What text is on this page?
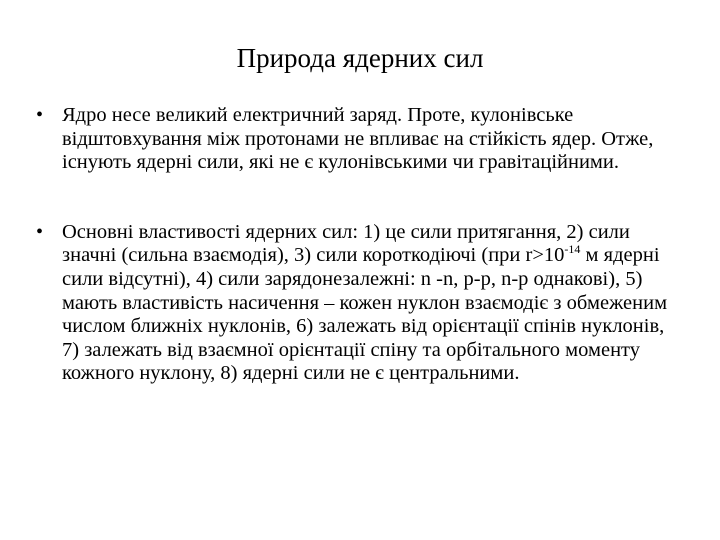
Природа ядерних сил
• Ядро несе великий електричний заряд. Проте, кулонівське відштовхування між протонами не впливає на стійкість ядер. Отже, існують ядерні сили, які не є кулонівськими чи гравітаційними.
• Основні властивості ядерних сил: 1) це сили притягання, 2) сили значні (сильна взаємодія), 3) сили короткодіючі (при $r>10^{-14}$ м ядерні сили відсутні), 4) сили зарядонезалежні: n -n, p-p, n-p однакові), 5) мають властивість насичення – кожен нуклон взаємодіє з обмеженим числом ближніх нуклонів, 6) залежать від орієнтації спінів нуклонів, 7) залежать від взаємної орієнтації спіну та орбітального моменту кожного нуклону, 8) ядерні сили не є центральними.
